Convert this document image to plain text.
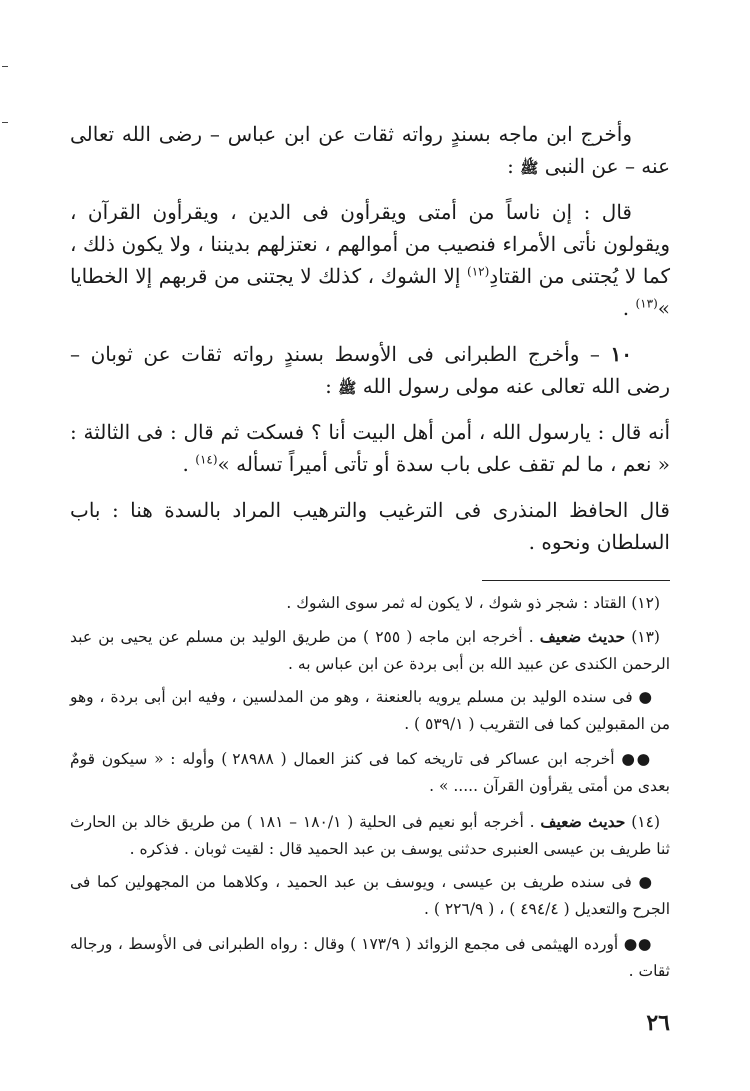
وأخرج ابن ماجه بسندٍ رواته ثقات عن ابن عباس – رضى الله تعالى عنه – عن النبى ﷺ :

قال : إن ناساً من أمتى ويقرأون فى الدين ، ويقرأون القرآن ، ويقولون نأتى الأمراء فنصيب من أموالهم ، نعتزلهم بديننا ، ولا يكون ذلك ، كما لا يُجتنى من القتادِ$^{(١٢)}$ إلا الشوك ، كذلك لا يجتنى من قربهم إلا الخطايا »$^{(١٣)}$ .

١٠ – وأخرج الطبرانى فى الأوسط بسندٍ رواته ثقات عن ثوبان – رضى الله تعالى عنه مولى رسول الله ﷺ :

أنه قال : يارسول الله ، أمن أهل البيت أنا ؟ فسكت ثم قال : فى الثالثة : « نعم ، ما لم تقف على باب سدة أو تأتى أميراً تسأله »$^{(١٤)}$ .

قال الحافظ المنذرى فى الترغيب والترهيب المراد بالسدة هنا : باب السلطان ونحوه .

(١٢) القتاد : شجر ذو شوك ، لا يكون له ثمر سوى الشوك .

(١٣) حديث ضعيف . أخرجه ابن ماجه ( ٢٥٥ ) من طريق الوليد بن مسلم عن يحيى بن عبد الرحمن الكندى عن عبيد الله بن أبى بردة عن ابن عباس به .

● فى سنده الوليد بن مسلم يرويه بالعنعنة ، وهو من المدلسين ، وفيه ابن أبى بردة ، وهو من المقبولين كما فى التقريب ( ٥٣٩/١ ) .

●● أخرجه ابن عساكر فى تاريخه كما فى كنز العمال ( ٢٨٩٨٨ ) وأوله : « سيكون قومٌ بعدى من أمتى يقرأون القرآن ..... » .

(١٤) حديث ضعيف . أخرجه أبو نعيم فى الحلية ( ١٨٠/١ – ١٨١ ) من طريق خالد بن الحارث ثنا طريف بن عيسى العنبرى حدثنى يوسف بن عبد الحميد قال : لقيت ثوبان . فذكره .

● فى سنده طريف بن عيسى ، ويوسف بن عبد الحميد ، وكلاهما من المجهولين كما فى الجرح والتعديل ( ٤٩٤/٤ ) ، ( ٢٢٦/٩ ) .

●● أورده الهيثمى فى مجمع الزوائد ( ١٧٣/٩ ) وقال : رواه الطبرانى فى الأوسط ، ورجاله ثقات .

٢٦
